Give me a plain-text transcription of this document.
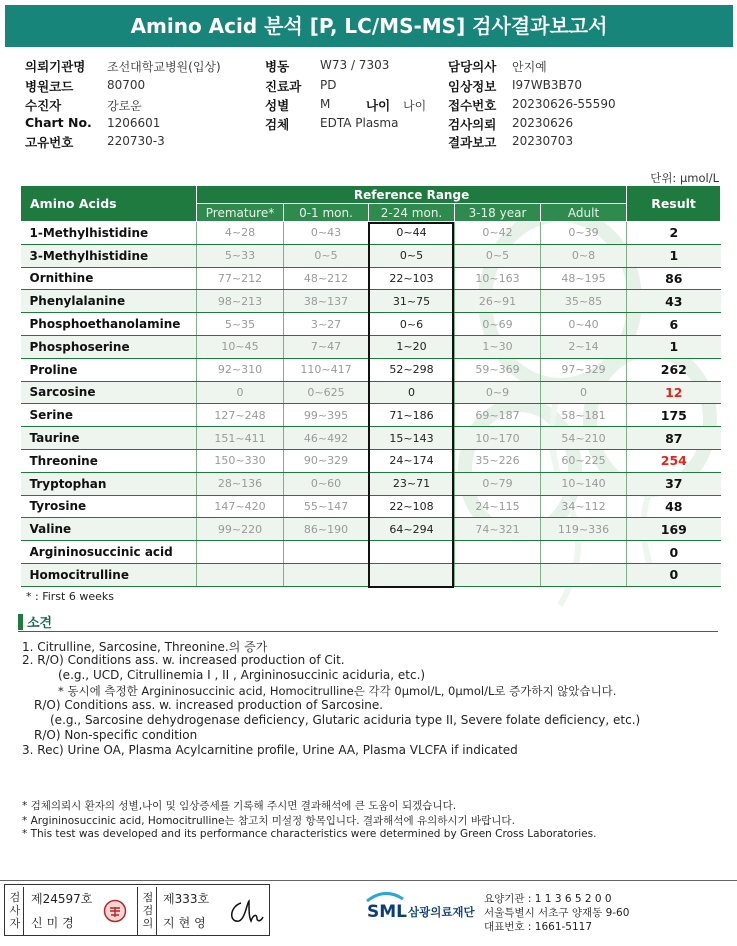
Amino Acid 분석 [P, LC/MS-MS] 검사결과보고서
의뢰기관명 조선대학교병원(입상)
병원코드	80700
수진자	강로운
Chart No. 1206601
고유번호	220730-3
병동	W73 / 7303
진료과 PD
성별	M	나이 나이
검체	EDTA Plasma
담당의사 안지예
임상정보 I97WB3B70
접수번호 20230626-55590
검사의뢰 20230626
결과보고 20230703
단위: μmol/L
Amino Acids	Reference Range					Result
	Premature*	0-1 mon.	2-24 mon.	3-18 year	Adult	
1-Methylhistidine	4~28	0~43	0~44	0~42	0~39	2
3-Methylhistidine	5~33	0~5	0~5	0~5	0~8	1
Ornithine	77~212	48~212	22~103	10~163	48~195	86
Phenylalanine	98~213	38~137	31~75	26~91	35~85	43
Phosphoethanolamine	5~35	3~27	0~6	0~69	0~40	6
Phosphoserine	10~45	7~47	1~20	1~30	2~14	1
Proline	92~310	110~417	52~298	59~369	97~329	262
Sarcosine	0	0~625	0	0~9	0	12
Serine	127~248	99~395	71~186	69~187	58~181	175
Taurine	151~411	46~492	15~143	10~170	54~210	87
Threonine	150~330	90~329	24~174	35~226	60~225	254
Tryptophan	28~136	0~60	23~71	0~79	10~140	37
Tyrosine	147~420	55~147	22~108	24~115	34~112	48
Valine	99~220	86~190	64~294	74~321	119~336	169
Argininosuccinic acid						0
Homocitrulline						0
* : First 6 weeks
소견
1. Citrulline, Sarcosine, Threonine.의 증가
2. R/O) Conditions ass. w. increased production of Cit.
(e.g., UCD, Citrullinemia I , II , Argininosuccinic aciduria, etc.)
* 동시에 측정한 Argininosuccinic acid, Homocitrulline은 각각 0μmol/L, 0μmol/L로 증가하지 않았습니다.
R/O) Conditions ass. w. increased production of Sarcosine.
(e.g., Sarcosine dehydrogenase deficiency, Glutaric aciduria type II, Severe folate deficiency, etc.)
R/O) Non-specific condition
3. Rec) Urine OA, Plasma Acylcarnitine profile, Urine AA, Plasma VLCFA if indicated
* 검체의뢰시 환자의 성별,나이 및 임상증세를 기록해 주시면 결과해석에 큰 도움이 되겠습니다.
* Argininosuccinic acid, Homocitrulline는 참고치 미설정 항목입니다. 결과해석에 유의하시기 바랍니다.
* This test was developed and its performance characteristics were determined by Green Cross Laboratories.
검
사
자
제24597호
신미경
점
검
의
제333호
지현영
SML 삼광의료재단
요양기관 : 1 1 3 6 5 2 0 0
서울특별시 서초구 양재동 9-60
대표번호 : 1661-5117
